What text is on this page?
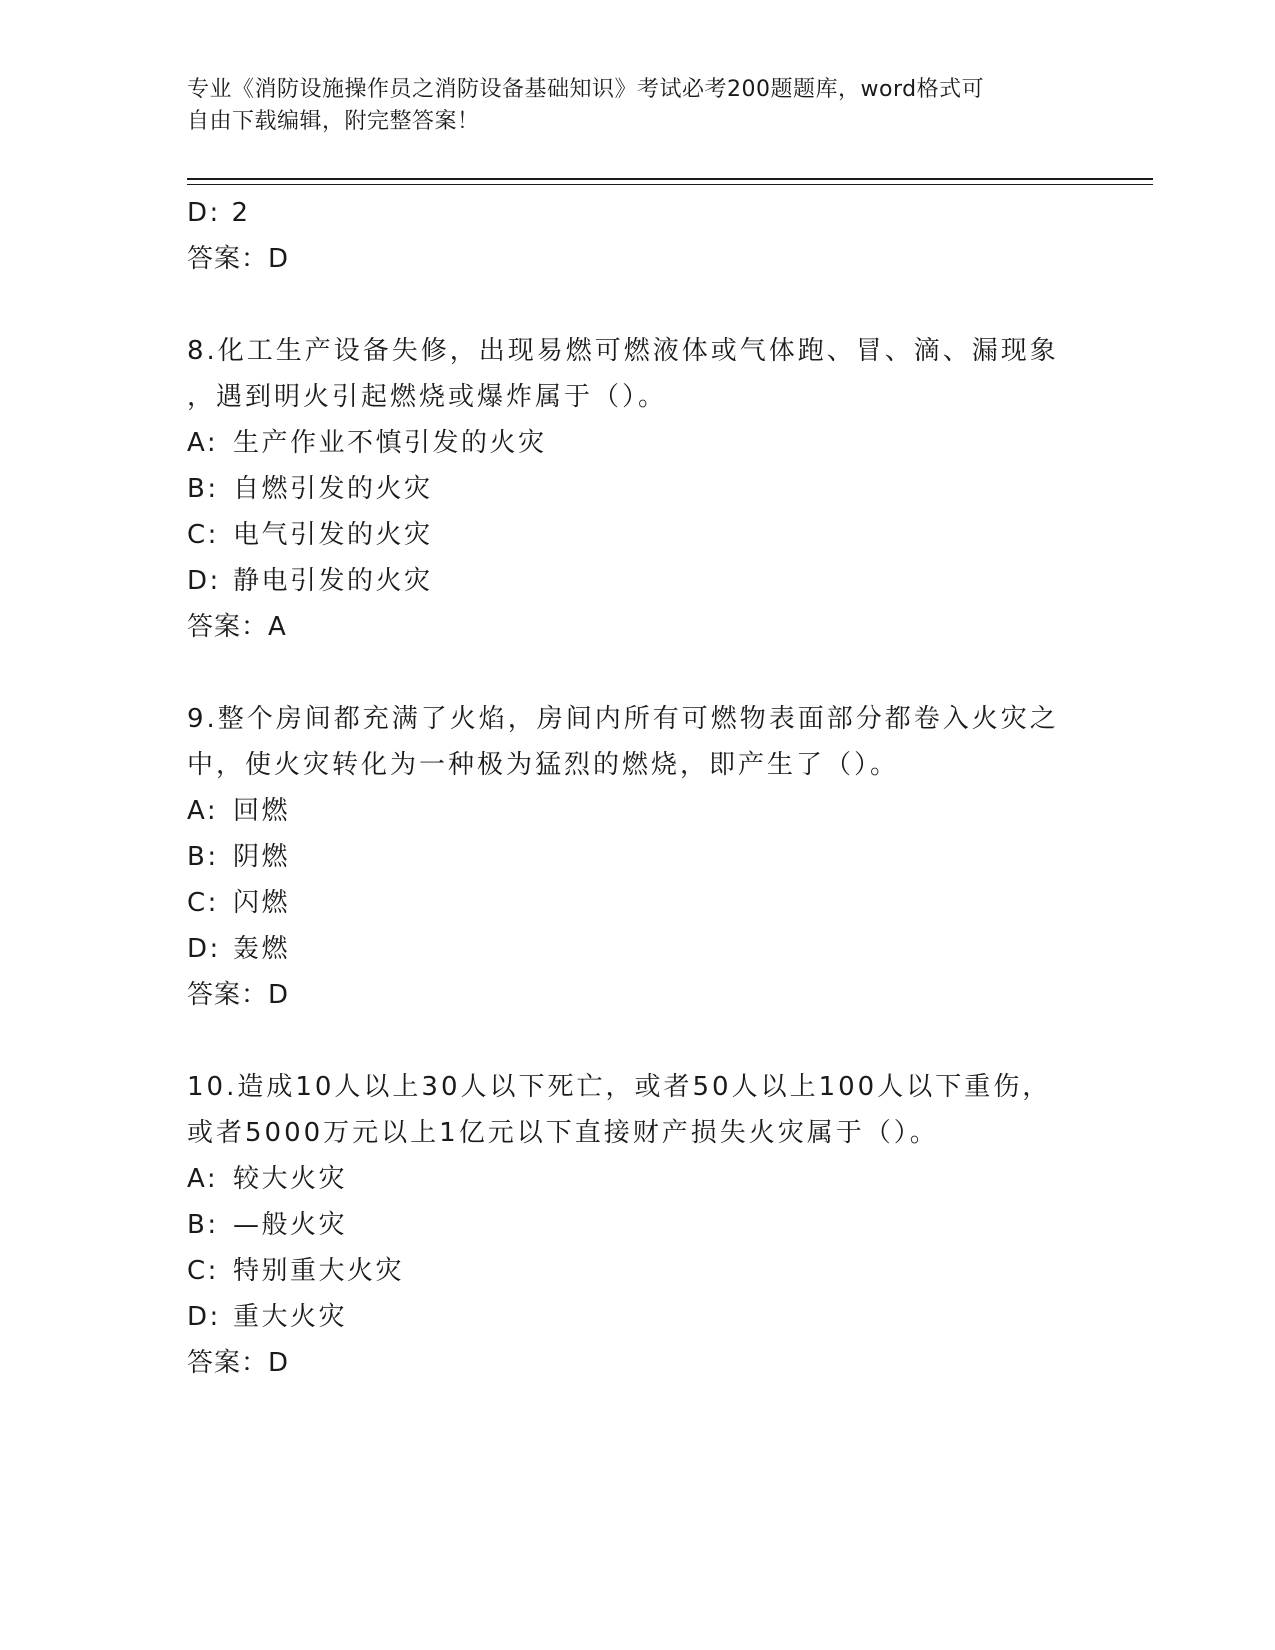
专业《消防设施操作员之消防设备基础知识》考试必考200题题库，word格式可
自由下载编辑，附完整答案！
D: 2
答案：D
8.化工生产设备失修，出现易燃可燃液体或气体跑、冒、滴、漏现象
，遇到明火引起燃烧或爆炸属于（）。
A: 生产作业不慎引发的火灾
B: 自燃引发的火灾
C: 电气引发的火灾
D: 静电引发的火灾
答案：A
9.整个房间都充满了火焰，房间内所有可燃物表面部分都卷入火灾之
中，使火灾转化为一种极为猛烈的燃烧，即产生了（）。
A: 回燃
B: 阴燃
C: 闪燃
D: 轰燃
答案：D
10.造成10人以上30人以下死亡，或者50人以上100人以下重伤，
或者5000万元以上1亿元以下直接财产损失火灾属于（）。
A: 较大火灾
B: —般火灾
C: 特别重大火灾
D: 重大火灾
答案：D
